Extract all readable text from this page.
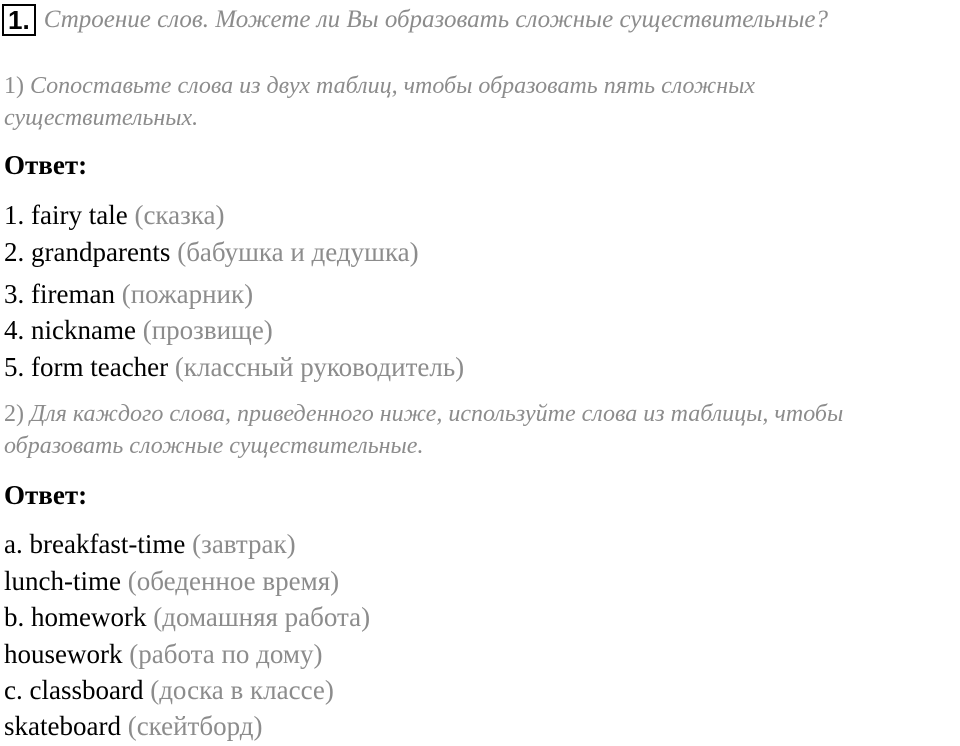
1. Строение слов. Можете ли Вы образовать сложные существительные?
1) Сопоставьте слова из двух таблиц, чтобы образовать пять сложных существительных.
Ответ:
1. fairy tale (сказка)
2. grandparents (бабушка и дедушка)
3. fireman (пожарник)
4. nickname (прозвище)
5. form teacher (классный руководитель)
2) Для каждого слова, приведенного ниже, используйте слова из таблицы, чтобы образовать сложные существительные.
Ответ:
a. breakfast-time (завтрак)
lunch-time (обеденное время)
b. homework (домашняя работа)
housework (работа по дому)
c. classboard (доска в классе)
skateboard (скейтборд)
